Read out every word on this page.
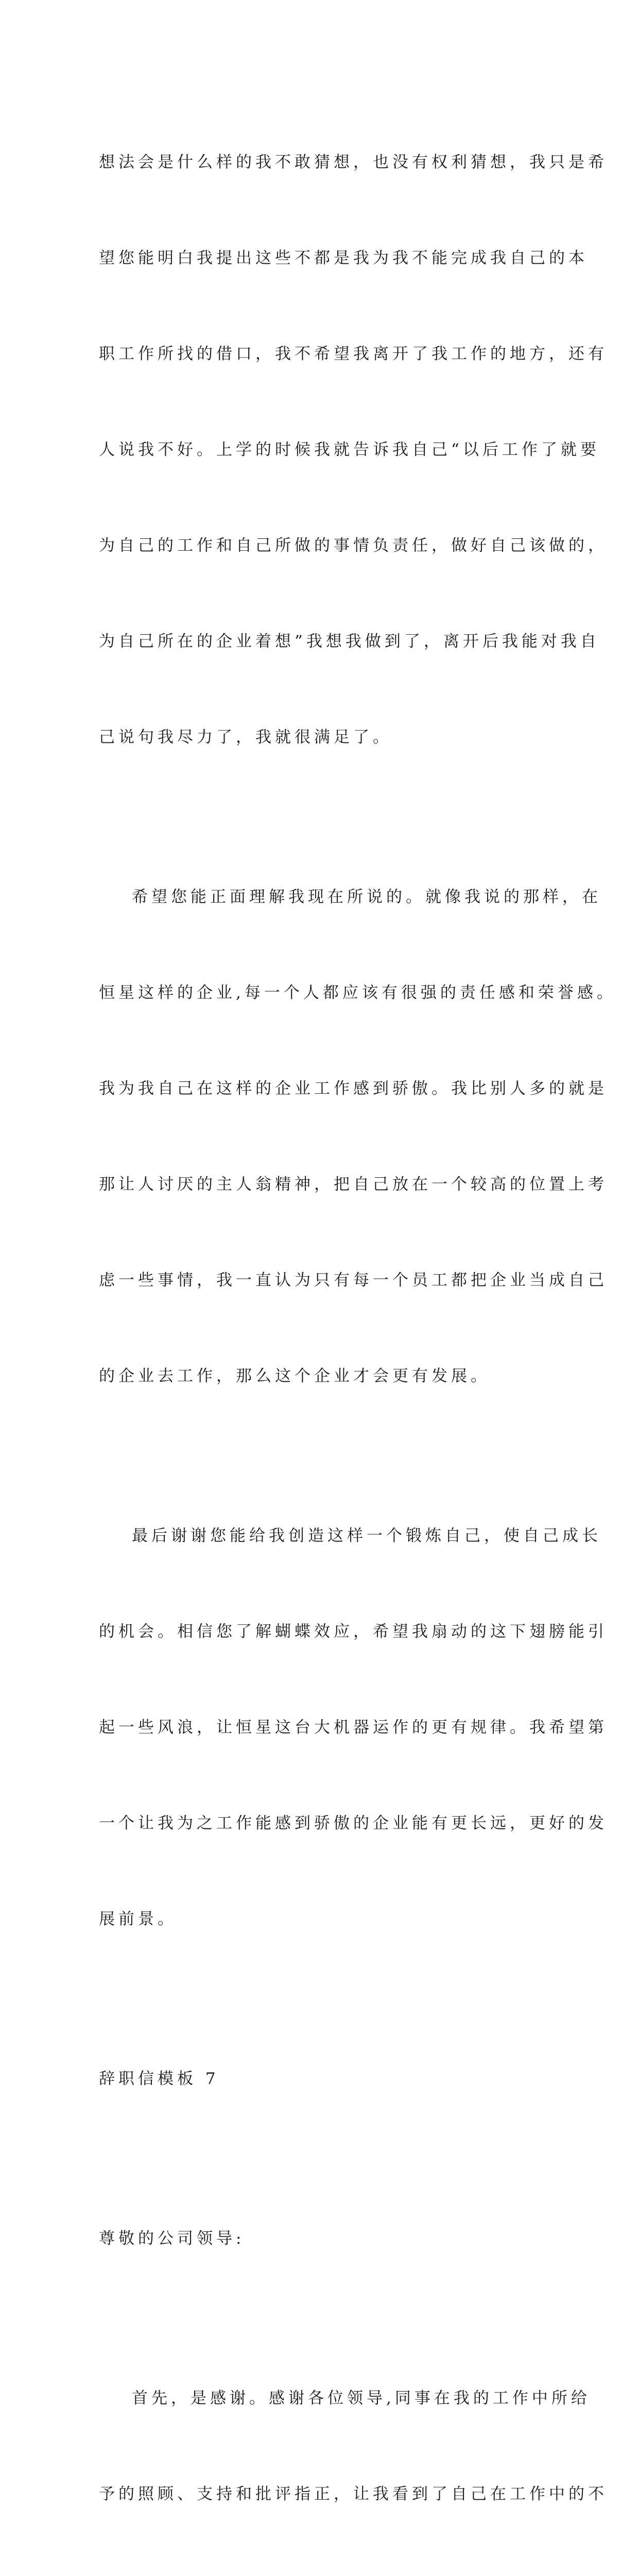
想法会是什么样的我不敢猜想，也没有权利猜想，我只是希

望您能明白我提出这些不都是我为我不能完成我自己的本

职工作所找的借口，我不希望我离开了我工作的地方，还有

人说我不好。上学的时候我就告诉我自己“以后工作了就要

为自己的工作和自己所做的事情负责任，做好自己该做的，

为自己所在的企业着想”我想我做到了，离开后我能对我自

己说句我尽力了，我就很满足了。

希望您能正面理解我现在所说的。就像我说的那样，在

恒星这样的企业,每一个人都应该有很强的责任感和荣誉感。

我为我自己在这样的企业工作感到骄傲。我比别人多的就是

那让人讨厌的主人翁精神，把自己放在一个较高的位置上考

虑一些事情，我一直认为只有每一个员工都把企业当成自己

的企业去工作，那么这个企业才会更有发展。

最后谢谢您能给我创造这样一个锻炼自己，使自己成长

的机会。相信您了解蝴蝶效应，希望我扇动的这下翅膀能引

起一些风浪，让恒星这台大机器运作的更有规律。我希望第

一个让我为之工作能感到骄傲的企业能有更长远，更好的发

展前景。

辞职信模板 7

尊敬的公司领导:

首先，是感谢。感谢各位领导,同事在我的工作中所给

予的照顾、支持和批评指正，让我看到了自己在工作中的不
